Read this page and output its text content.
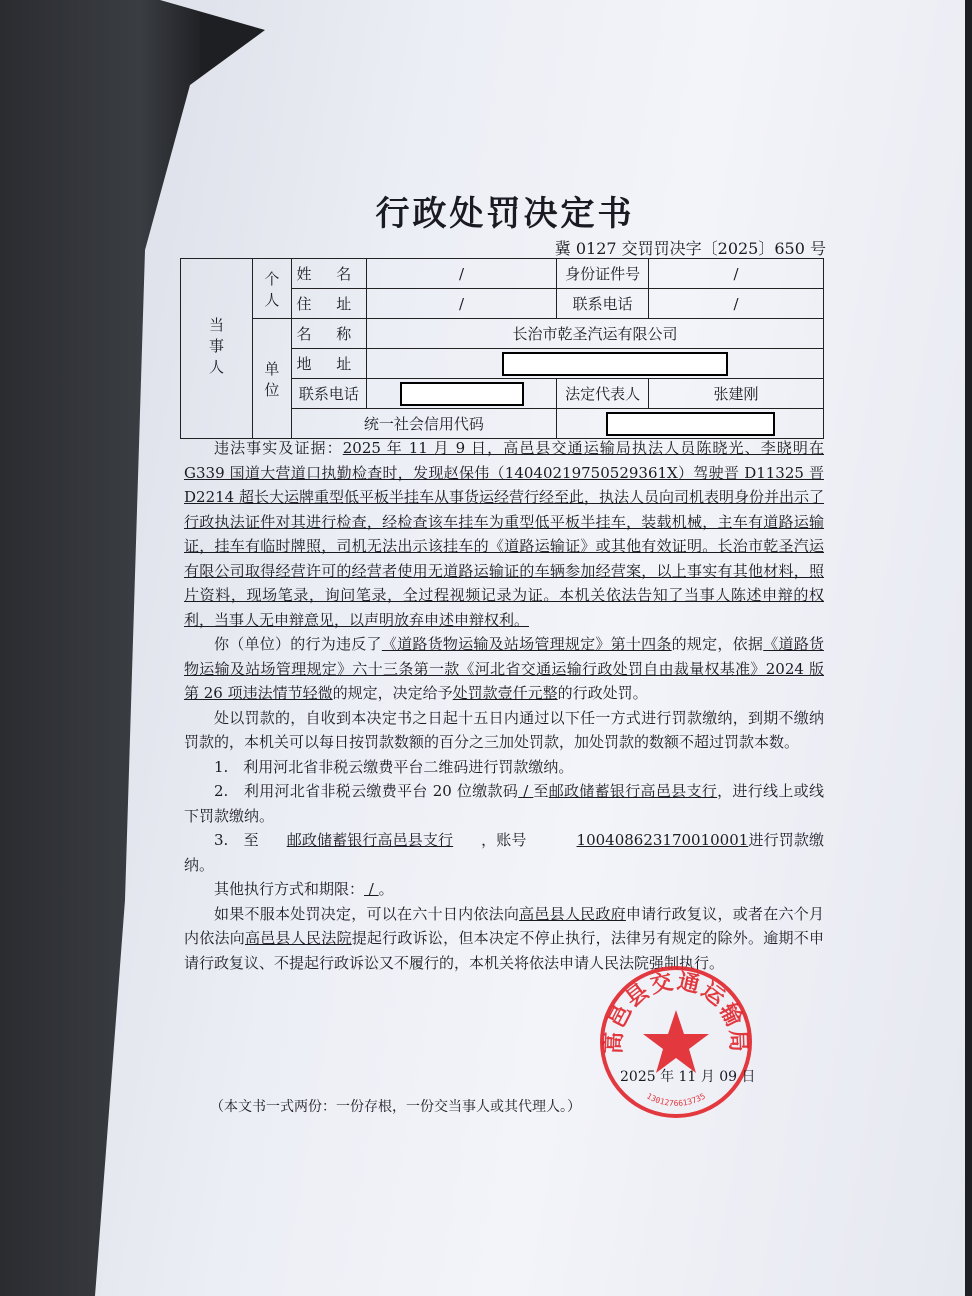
行政处罚决定书
冀 0127 交罚罚决字〔2025〕650 号
当事人	个人	姓 名	/	身份证件号	/
		住 址	/	联系电话	/
	单位	名 称	长治市乾圣汽运有限公司		
		地 址			
		联系电话		法定代表人	张建刚
		统一社会信用代码			

违法事实及证据：2025 年 11 月 9 日，高邑县交通运输局执法人员陈晓光、李晓明在G339 国道大营道口执勤检查时，发现赵保伟（14040219750529361X）驾驶晋 D11325 晋D2214 超长大运牌重型低平板半挂车从事货运经营行经至此，执法人员向司机表明身份并出示了行政执法证件对其进行检查，经检查该车挂车为重型低平板半挂车，装载机械，主车有道路运输证，挂车有临时牌照，司机无法出示该挂车的《道路运输证》或其他有效证明。长治市乾圣汽运有限公司取得经营许可的经营者使用无道路运输证的车辆参加经营案，以上事实有其他材料，照片资料，现场笔录，询问笔录，全过程视频记录为证。本机关依法告知了当事人陈述申辩的权利，当事人无申辩意见，以声明放弃申述申辩权利。

你（单位）的行为违反了《道路货物运输及站场管理规定》第十四条的规定，依据《道路货物运输及站场管理规定》六十三条第一款《河北省交通运输行政处罚自由裁量权基准》2024 版第 26 项违法情节轻微的规定，决定给予处罚款壹仟元整的行政处罚。

处以罚款的，自收到本决定书之日起十五日内通过以下任一方式进行罚款缴纳，到期不缴纳罚款的，本机关可以每日按罚款数额的百分之三加处罚款，加处罚款的数额不超过罚款本数。

1.　利用河北省非税云缴费平台二维码进行罚款缴纳。

2.　利用河北省非税云缴费平台 20 位缴款码 / 至邮政储蓄银行高邑县支行，进行线上或线下罚款缴纳。

3.　至 邮政储蓄银行高邑县支行 ，账号	100408623170010001进行罚款缴纳。

其他执行方式和期限： / 。

如果不服本处罚决定，可以在六十日内依法向高邑县人民政府申请行政复议，或者在六个月内依法向高邑县人民法院提起行政诉讼，但本决定不停止执行，法律另有规定的除外。逾期不申请行政复议、不提起行政诉讼又不履行的，本机关将依法申请人民法院强制执行。

高邑县交通运输局
1301276613735
2025 年 11 月 09 日
（本文书一式两份：一份存根，一份交当事人或其代理人。）
